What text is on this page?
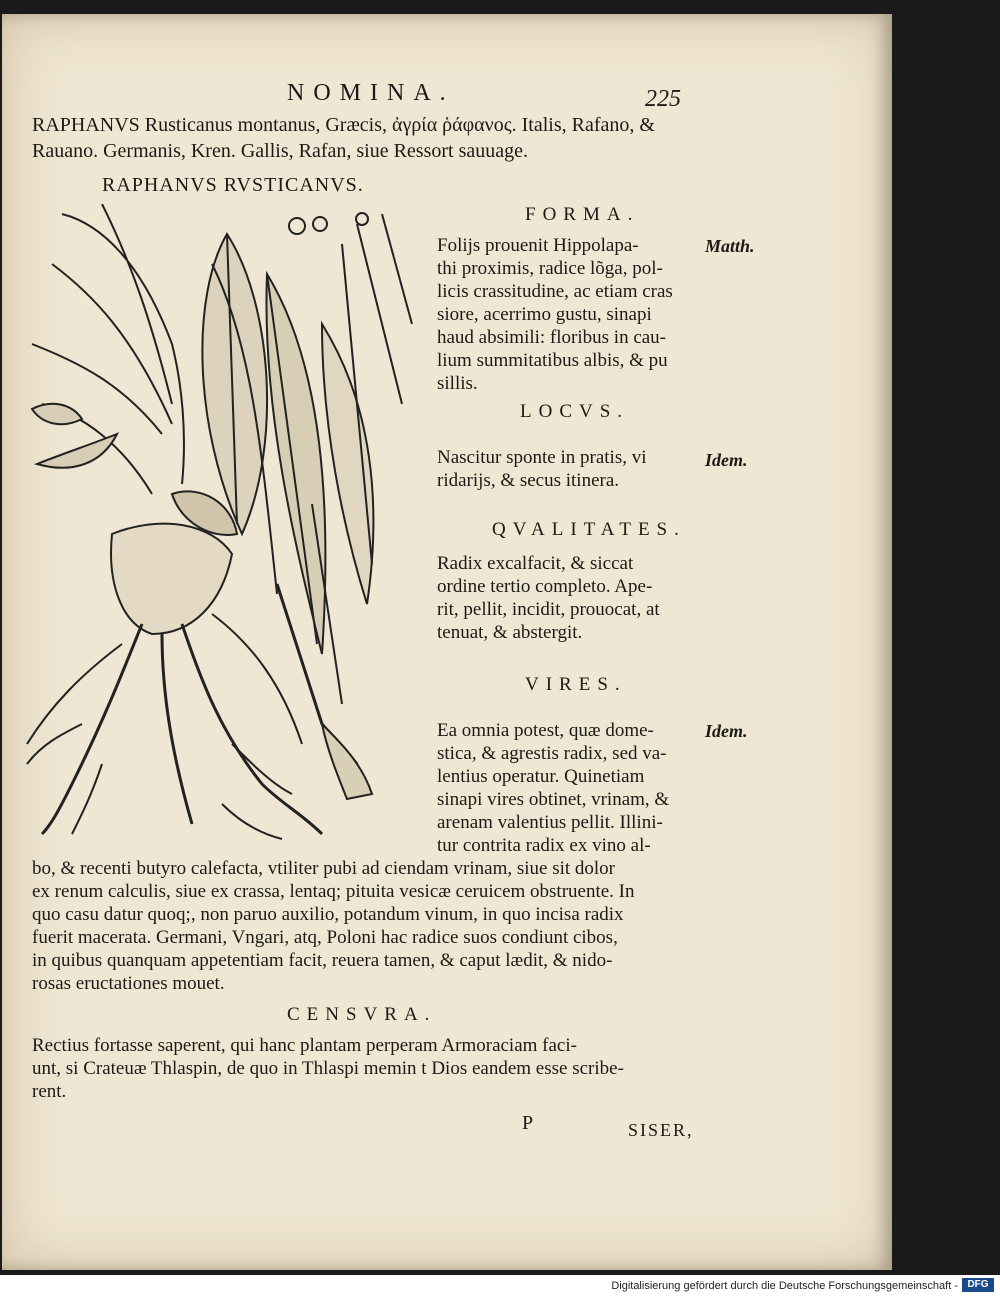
NOMINA.	225
RAPHANVS Rusticanus montanus, Græcis, ἀγρία ῥάφανος. Italis, Rafano, & Rauano. Germanis, Kren. Gallis, Rafan, siue Ressort sauuage.
RAPHANVS RVSTICANVS.
FORMA.
Folijs prouenit Hippolapa-
thi proximis, radice lõga, pol-
licis crassitudine, ac etiam cras
siore, acerrimo gustu, sinapi
haud absimili: floribus in cau-
lium summitatibus albis, & pu
sillis.
Matth.
LOCVS.
Nascitur sponte in pratis, vi
ridarijs, & secus itinera.
Idem.
QVALITATES.
Radix excalfacit, & siccat
ordine tertio completo. Ape-
rit, pellit, incidit, prouocat, at
tenuat, & abstergit.
VIRES.
Ea omnia potest, quæ dome-
stica, & agrestis radix, sed va-
lentius operatur. Quinetiam
sinapi vires obtinet, vrinam, &
arenam valentius pellit. Illini-
tur contrita radix ex vino al-
Idem.
bo, & recenti butyro calefacta, vtiliter pubi ad ciendam vrinam, siue sit dolor
ex renum calculis, siue ex crassa, lentaq; pituita vesicæ ceruicem obstruente. In
quo casu datur quoq;, non paruo auxilio, potandum vinum, in quo incisa radix
fuerit macerata. Germani, Vngari, atq, Poloni hac radice suos condiunt cibos,
in quibus quanquam appetentiam facit, reuera tamen, & caput lædit, & nido-
rosas eructationes mouet.
CENSVRA.
Rectius fortasse saperent, qui hanc plantam perperam Armoraciam faci-
unt, si Crateuæ Thlaspin, de quo in Thlaspi memin t Dios eandem esse scribe-
rent.
P	SISER,
Digitalisierung gefördert durch die Deutsche Forschungsgemeinschaft - DFG
